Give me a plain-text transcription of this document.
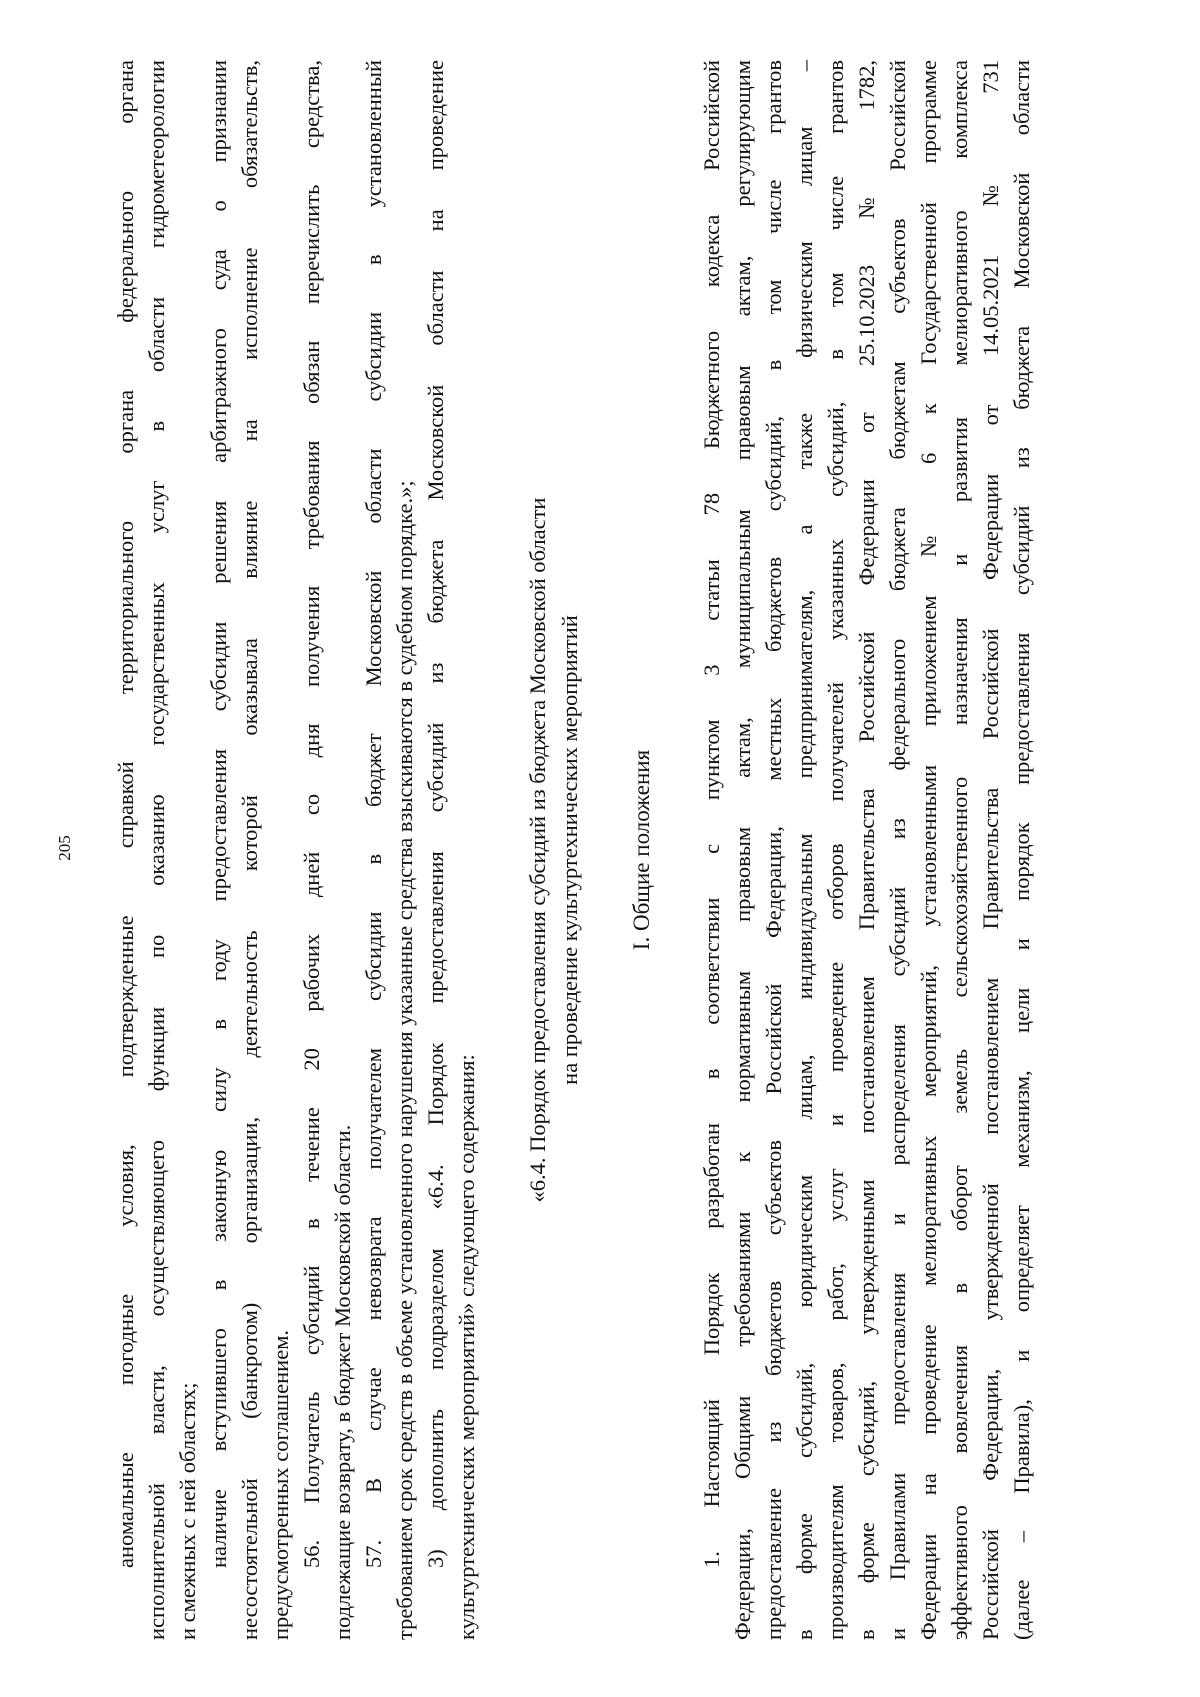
205 аномальные погодные условия, подтвержденные справкой территориального органа федерального органа исполнительной власти, осуществляющего функции по оказанию государственных услуг в области гидрометеорологии и смежных с ней областях; наличие вступившего в законную силу в году предоставления субсидии решения арбитражного суда о признании несостоятельной (банкротом) организации, деятельность которой оказывала влияние на исполнение обязательств, предусмотренных соглашением. 56. Получатель субсидий в течение 20 рабочих дней со дня получения требования обязан перечислить средства, подлежащие возврату, в бюджет Московской области. 57. В случае невозврата получателем субсидии в бюджет Московской области субсидии в установленный требованием срок средств в объеме установленного нарушения указанные средства взыскиваются в судебном порядке.»; 3) дополнить подразделом «6.4. Порядок предоставления субсидий из бюджета Московской области на проведение культуртехнических мероприятий» следующего содержания:

«6.4. Порядок предоставления субсидий из бюджета Московской области на проведение культуртехнических мероприятий I. Общие положения 1. Настоящий Порядок разработан в соответствии с пунктом 3 статьи 78 Бюджетного кодекса Российской Федерации, Общими требованиями к нормативным правовым актам, муниципальным правовым актам, регулирующим предоставление из бюджетов субъектов Российской Федерации, местных бюджетов субсидий, в том числе грантов в форме субсидий, юридическим лицам, индивидуальным предпринимателям, а также физическим лицам – производителям товаров, работ, услуг и проведение отборов получателей указанных субсидий, в том числе грантов в форме субсидий, утвержденными постановлением Правительства Российской Федерации от 25.10.2023 № 1782, и Правилами предоставления и распределения субсидий из федерального бюджета бюджетам субъектов Российской Федерации на проведение мелиоративных мероприятий, установленными приложением № 6 к Государственной программе эффективного вовлечения в оборот земель сельскохозяйственного назначения и развития мелиоративного комплекса Российской Федерации, утвержденной постановлением Правительства Российской Федерации от 14.05.2021 № 731 (далее – Правила), и определяет механизм, цели и порядок предоставления субсидий из бюджета Московской области
